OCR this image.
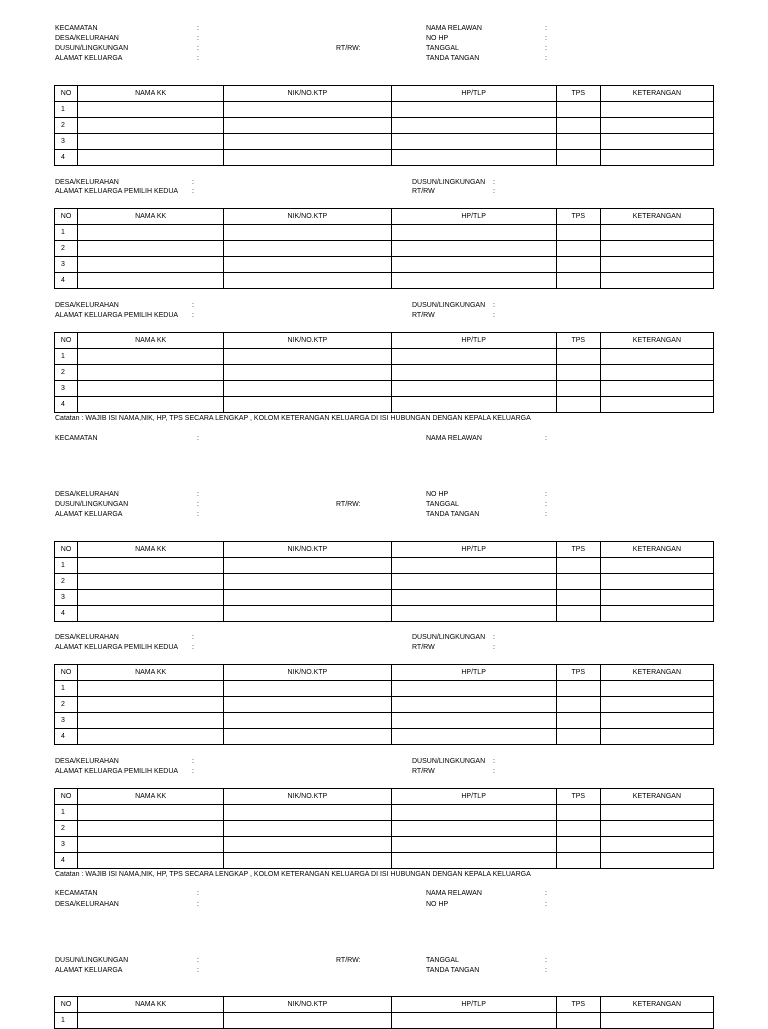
KECAMATAN	:	NAMA RELAWAN	:
DESA/KELURAHAN	:	NO HP	:
DUSUN/LINGKUNGAN	:	RT/RW:	TANGGAL	:
ALAMAT KELUARGA	:	TANDA TANGAN	:
NO	NAMA KK	NIK/NO.KTP	HP/TLP	TPS	KETERANGAN
1					
2					
3					
4					
DESA/KELURAHAN	:	DUSUN/LINGKUNGAN :
ALAMAT KELUARGA PEMILIH KEDUA :	RT/RW	:
NO	NAMA KK	NIK/NO.KTP	HP/TLP	TPS	KETERANGAN
1					
2					
3					
4					
DESA/KELURAHAN	:	DUSUN/LINGKUNGAN :
ALAMAT KELUARGA PEMILIH KEDUA :	RT/RW	:
NO	NAMA KK	NIK/NO.KTP	HP/TLP	TPS	KETERANGAN
1					
2					
3					
4					
Catatan : WAJIB ISI NAMA,NIK, HP, TPS SECARA LENGKAP , KOLOM KETERANGAN KELUARGA DI ISI HUBUNGAN DENGAN KEPALA KELUARGA
KECAMATAN	:	NAMA RELAWAN	:
DESA/KELURAHAN	:	NO HP	:
DUSUN/LINGKUNGAN	:	RT/RW:	TANGGAL	:
ALAMAT KELUARGA	:	TANDA TANGAN	:
NO	NAMA KK	NIK/NO.KTP	HP/TLP	TPS	KETERANGAN
1					
2					
3					
4					
DESA/KELURAHAN	:	DUSUN/LINGKUNGAN :
ALAMAT KELUARGA PEMILIH KEDUA :	RT/RW	:
NO	NAMA KK	NIK/NO.KTP	HP/TLP	TPS	KETERANGAN
1					
2					
3					
4					
DESA/KELURAHAN	:	DUSUN/LINGKUNGAN :
ALAMAT KELUARGA PEMILIH KEDUA :	RT/RW	:
NO	NAMA KK	NIK/NO.KTP	HP/TLP	TPS	KETERANGAN
1					
2					
3					
4					
Catatan : WAJIB ISI NAMA,NIK, HP, TPS SECARA LENGKAP , KOLOM KETERANGAN KELUARGA DI ISI HUBUNGAN DENGAN KEPALA KELUARGA
KECAMATAN	:	NAMA RELAWAN	:
DESA/KELURAHAN	:	NO HP	:
DUSUN/LINGKUNGAN	:	RT/RW:	TANGGAL	:
ALAMAT KELUARGA	:	TANDA TANGAN	:
NO	NAMA KK	NIK/NO.KTP	HP/TLP	TPS	KETERANGAN
1					
